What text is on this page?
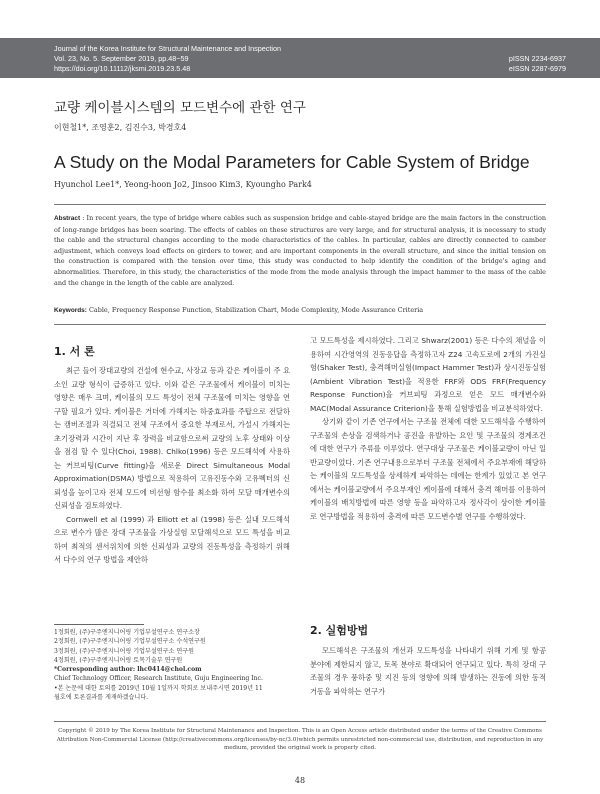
Journal of the Korea Institute for Structural Maintenance and Inspection
Vol. 23, No. 5. September 2019, pp.48~59
https://doi.org/10.11112/jksmi.2019.23.5.48
pISSN 2234-6937
eISSN 2287-6979
교량 케이블시스템의 모드변수에 관한 연구
이현철1*, 조영훈2, 김진수3, 박경호4
A Study on the Modal Parameters for Cable System of Bridge
Hyunchol Lee1*, Yeong-hoon Jo2, Jinsoo Kim3, Kyoungho Park4
Abstract : In recent years, the type of bridge where cables such as suspension bridge and cable-stayed bridge are the main factors in the construction of long-range bridges has been soaring. The effects of cables on these structures are very large, and for structural analysis, it is necessary to study the cable and the structural changes according to the mode characteristics of the cables. In particular, cables are directly connected to camber adjustment, which conveys load effects on girders to tower, and are important components in the overall structure, and since the initial tension on the construction is compared with the tension over time, this study was conducted to help identify the condition of the bridge's aging and abnormalities. Therefore, in this study, the characteristics of the mode from the mode analysis through the impact hammer to the mass of the cable and the change in the length of the cable are analyzed.
Keywords: Cable, Frequency Response Function, Stabilization Chart, Mode Complexity, Mode Assurance Criteria
1. 서 론

최근 들어 장대교량의 건설에 현수교, 사장교 등과 같은 케이블이 주 요소인 교량 형식이 급증하고 있다. 이와 같은 구조물에서 케이블이 미치는 영향은 매우 크며, 케이블의 모드 특성이 전체 구조물에 미치는 영향을 연구할 필요가 있다. 케이블은 거더에 가해지는 하중효과를 주탑으로 전달하는 캠버조절과 직결되고 전체 구조에서 중요한 부재로서, 가설시 가해지는 초기장력과 시간이 지난 후 장력을 비교함으로써 교량의 노후 상태와 이상을 점검 할 수 있다(Choi, 1988). Chlko(1996) 등은 모드해석에 사용하는 커브피팅(Curve fitting)을 새로운 Direct Simultaneous Modal Approximation(DSMA) 방법으로 적용하여 고유진동수와 고유벡터의 신뢰성을 높이고자 전체 모드에 비선형 함수를 최소화 하여 모달 매개변수의 신뢰성을 검토하였다.

Cornwell et al (1999) 과 Elliott et al (1998) 등은 실내 모드해석으로 변수가 많은 장대 구조물을 가상실험 모달해석으로 모드 특성을 비교하여 최적의 센서위치에 의한 신뢰성과 교량의 진동특성을 측정하기 위해서 다수의 연구 방법을 제안하

1정회원, (주)구주엔지니어링 기업부설연구소 연구소장
2정회원, (주)구주엔지니어링 기업부설연구소 수석연구원
3정회원, (주)구주엔지니어링 기업부설연구소 연구원
4정회원, (주)구주엔지니어링 토목기술부 연구원
*Corresponding author: lhc0414@chol.com
Chief Technology Officer, Research Institute, Guju Engineering Inc.
•본 논문에 대한 토의를 2019년 10월 1일까지 학회로 보내주시면 2019년 11
월호에 토론결과를 게재하겠습니다.

고 모드특성을 제시하였다. 그리고 Shwarz(2001) 등은 다수의 채널을 이용하여 시간영역의 진동응답을 측정하고자 Z24 고속도로에 2개의 가진실험(Shaker Test), 충격해머실험(Impact Hammer Test)과 상시진동실험(Ambient Vibration Test)을 적용한 FRF와 ODS FRF(Frequency Response Function)을 커브피팅 과정으로 얻은 모드 매개변수와 MAC(Modal Assurance Criterion)을 통해 실험방법을 비교분석하였다.

상기와 같이 기존 연구에서는 구조물 전체에 대한 모드해석을 수행하여 구조물의 손상을 검색하거나 공진을 유발하는 요인 및 구조물의 경계조건에 대한 연구가 주류를 이루었다. 연구대상 구조물은 케이블교량이 아닌 일반교량이었다. 기존 연구내용으로부터 구조물 전체에서 주요부재에 해당하는 케이블의 모드특성을 상세하게 파악하는 데에는 한계가 있었고 본 연구에서는 케이블교량에서 주요부재인 케이블에 대해서 충격 해머를 이용하여 케이블의 배치방법에 따른 영향 등을 파악하고자 정사각이 상이한 케이블로 연구방법을 적용하여 충격에 따른 모드변수별 연구를 수행하였다.

2. 실험방법

모드해석은 구조물의 개선과 모드특성을 나타내기 위해 기계 및 항공 분야에 제한되지 않고, 토목 분야로 확대되어 연구되고 있다. 특히 장대 구조물의 경우 풍하중 및 지진 등의 영향에 의해 발생하는 진동에 의한 동적거동을 파악하는 연구가

Copyright © 2019 by The Korea Institute for Structural Maintenance and Inspection. This is an Open Access article distributed under the terms of the Creative Commons Attribution Non-Commercial License (http://creativecommons.org/licenses/by-nc/3.0)which permits unrestricted non-commercial use, distribution, and reproduction in any medium, provided the original work is properly cited.
48
